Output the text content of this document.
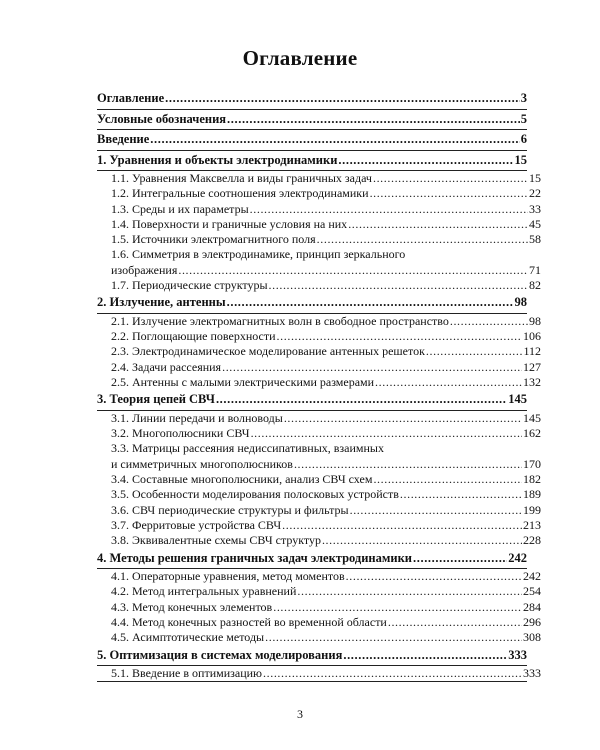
Оглавление
Оглавление .....	3
Условные обозначения .....	5
Введение .....	6
1. Уравнения и объекты электродинамики .....	15
1.1. Уравнения Максвелла и виды граничных задач .....	15
1.2. Интегральные соотношения электродинамики .....	22
1.3. Среды и их параметры .....	33
1.4. Поверхности и граничные условия на них .....	45
1.5. Источники электромагнитного поля .....	58
1.6. Симметрия в электродинамике, принцип зеркального
изображения .....	71
1.7. Периодические структуры .....	82
2. Излучение, антенны .....	98
2.1. Излучение электромагнитных волн в свободное пространство .....	98
2.2. Поглощающие поверхности .....	106
2.3. Электродинамическое моделирование антенных решеток .....	112
2.4. Задачи рассеяния .....	127
2.5. Антенны с малыми электрическими размерами .....	132
3. Теория цепей СВЧ .....	145
3.1. Линии передачи и волноводы .....	145
3.2. Многополюсники СВЧ .....	162
3.3. Матрицы рассеяния недиссипативных, взаимных
и симметричных многополюсников .....	170
3.4. Составные многополюсники, анализ СВЧ схем .....	182
3.5. Особенности моделирования полосковых устройств .....	189
3.6. СВЧ периодические структуры и фильтры .....	199
3.7. Ферритовые устройства СВЧ .....	213
3.8. Эквивалентные схемы СВЧ структур .....	228
4. Методы решения граничных задач электродинамики .....	242
4.1. Операторные уравнения, метод моментов .....	242
4.2. Метод интегральных уравнений .....	254
4.3. Метод конечных элементов .....	284
4.4. Метод конечных разностей во временной области .....	296
4.5. Асимптотические методы .....	308
5. Оптимизация в системах моделирования .....	333
5.1. Введение в оптимизацию .....	333
3
